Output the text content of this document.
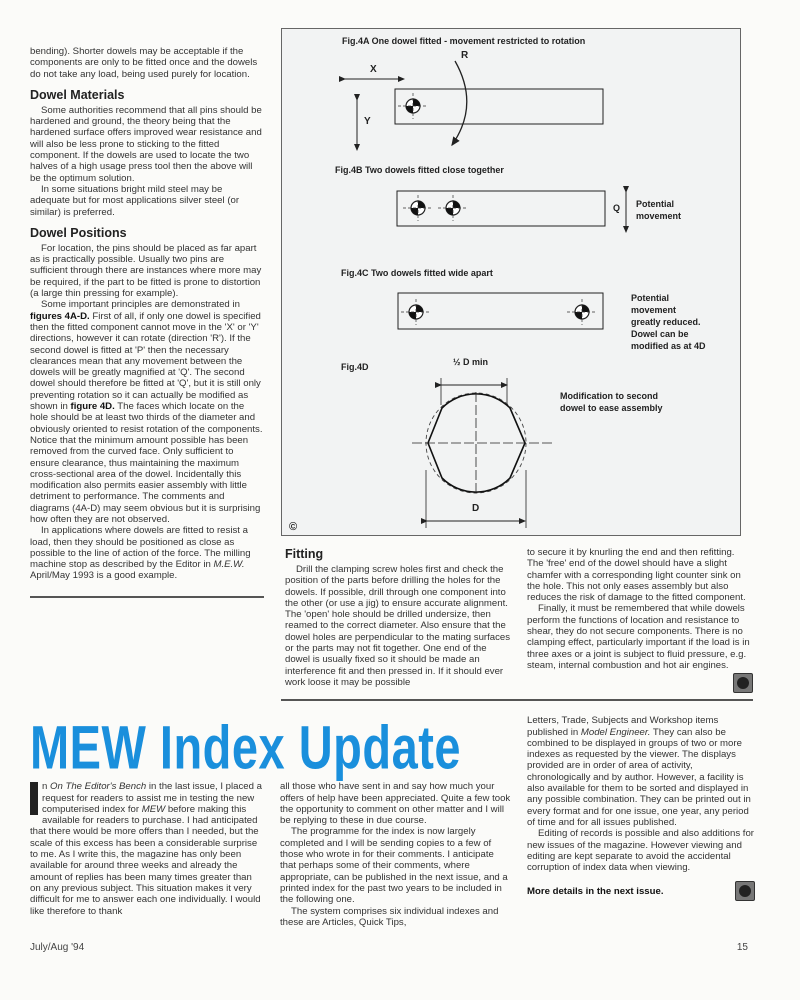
bending). Shorter dowels may be acceptable if the components are only to be fitted once and the dowels do not take any load, being used purely for location.

Dowel Materials

Some authorities recommend that all pins should be hardened and ground, the theory being that the hardened surface offers improved wear resistance and will also be less prone to sticking to the fitted component. If the dowels are used to locate the two halves of a high usage press tool then the above will be the optimum solution.

In some situations bright mild steel may be adequate but for most applications silver steel (or similar) is preferred.

Dowel Positions

For location, the pins should be placed as far apart as is practically possible. Usually two pins are sufficient through there are instances where more may be required, if the part to be fitted is prone to distortion (a large thin pressing for example).

Some important principles are demonstrated in figures 4A-D. First of all, if only one dowel is specified then the fitted component cannot move in the 'X' or 'Y' directions, however it can rotate (direction 'R'). If the second dowel is fitted at 'P' then the necessary clearances mean that any movement between the dowels will be greatly magnified at 'Q'. The second dowel should therefore be fitted at 'Q', but it is still only preventing rotation so it can actually be modified as shown in figure 4D. The faces which locate on the hole should be at least two thirds of the diameter and obviously oriented to resist rotation of the components. Notice that the minimum amount possible has been removed from the curved face. Only sufficient to ensure clearance, thus maintaining the maximum cross-sectional area of the dowel. Incidentally this modification also permits easier assembly with little detriment to performance. The comments and diagrams (4A-D) may seem obvious but it is surprising how often they are not observed.

In applications where dowels are fitted to resist a load, then they should be positioned as close as possible to the line of action of the force. The milling machine stop as described by the Editor in M.E.W. April/May 1993 is a good example.

Fig.4A One dowel fitted - movement restricted to rotation
X
Y
R
Fig.4B Two dowels fitted close together
Q Potential
movement
Fig.4C Two dowels fitted wide apart
Potential
movement
greatly reduced.
Dowel can be
modified as at 4D
Fig.4D	½ D min
D
Modification to second
dowel to ease assembly
©
Fitting

Drill the clamping screw holes first and check the position of the parts before drilling the holes for the dowels. If possible, drill through one component into the other (or use a jig) to ensure accurate alignment. The 'open' hole should be drilled undersize, then reamed to the correct diameter. Also ensure that the dowel holes are perpendicular to the mating surfaces or the parts may not fit together. One end of the dowel is usually fixed so it should be made an interference fit and then pressed in. If it should ever work loose it may be possible

to secure it by knurling the end and then refitting. The 'free' end of the dowel should have a slight chamfer with a corresponding light counter sink on the hole. This not only eases assembly but also reduces the risk of damage to the fitted component.

Finally, it must be remembered that while dowels perform the functions of location and resistance to shear, they do not secure components. There is no clamping effect, particularly important if the load is in three axes or a joint is subject to fluid pressure, e.g. steam, internal combustion and hot air engines.

MEW Index Update

n On The Editor's Bench in the last issue, I placed a request for readers to assist me in testing the new computerised index for MEW before making this available for readers to purchase. I had anticipated that there would be more offers than I needed, but the scale of this excess has been a considerable surprise to me. As I write this, the magazine has only been available for around three weeks and already the amount of replies has been many times greater than on any previous subject. This situation makes it very difficult for me to answer each one individually. I would like therefore to thank

all those who have sent in and say how much your offers of help have been appreciated. Quite a few took the opportunity to comment on other matter and I will be replying to these in due course.

The programme for the index is now largely completed and I will be sending copies to a few of those who wrote in for their comments. I anticipate that perhaps some of their comments, where appropriate, can be published in the next issue, and a printed index for the past two years to be included in the following one.

The system comprises six individual indexes and these are Articles, Quick Tips,

Letters, Trade, Subjects and Workshop items published in Model Engineer. They can also be combined to be displayed in groups of two or more indexes as requested by the viewer. The displays provided are in order of area of activity, chronologically and by author. However, a facility is also available for them to be sorted and displayed in any possible combination. They can be printed out in every format and for one issue, one year, any period of time and for all issues published.

Editing of records is possible and also additions for new issues of the magazine. However viewing and editing are kept separate to avoid the accidental corruption of index data when viewing.

More details in the next issue.
July/Aug '94	15
